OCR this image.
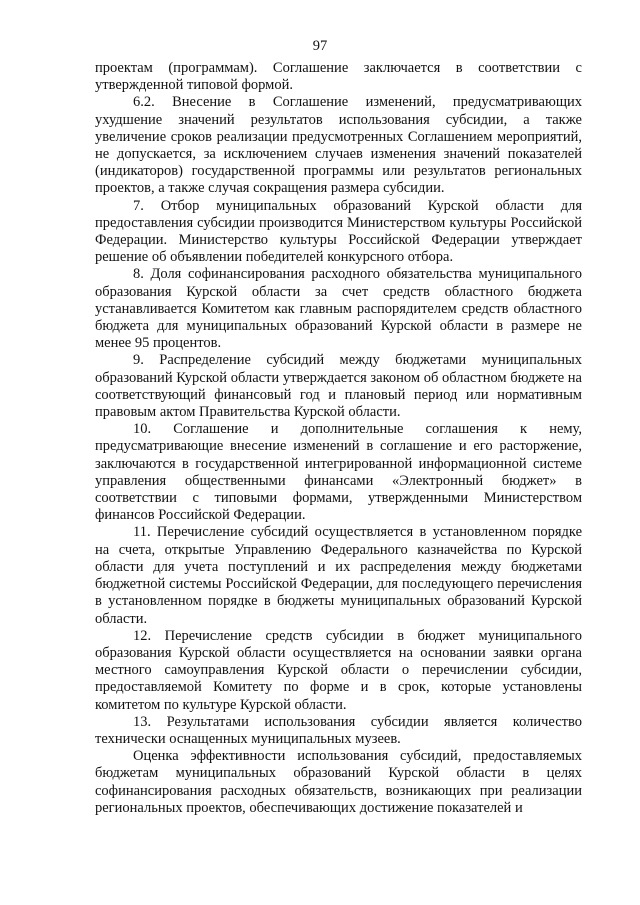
97

проектам (программам). Соглашение заключается в соответствии с утвержденной типовой формой.

6.2. Внесение в Соглашение изменений, предусматривающих ухудшение значений результатов использования субсидии, а также увеличение сроков реализации предусмотренных Соглашением мероприятий, не допускается, за исключением случаев изменения значений показателей (индикаторов) государственной программы или результатов региональных проектов, а также случая сокращения размера субсидии.

7. Отбор муниципальных образований Курской области для предоставления субсидии производится Министерством культуры Российской Федерации. Министерство культуры Российской Федерации утверждает решение об объявлении победителей конкурсного отбора.

8. Доля софинансирования расходного обязательства муниципального образования Курской области за счет средств областного бюджета устанавливается Комитетом как главным распорядителем средств областного бюджета для муниципальных образований Курской области в размере не менее 95 процентов.

9. Распределение субсидий между бюджетами муниципальных образований Курской области утверждается законом об областном бюджете на соответствующий финансовый год и плановый период или нормативным правовым актом Правительства Курской области.

10. Соглашение и дополнительные соглашения к нему, предусматривающие внесение изменений в соглашение и его расторжение, заключаются в государственной интегрированной информационной системе управления общественными финансами «Электронный бюджет» в соответствии с типовыми формами, утвержденными Министерством финансов Российской Федерации.

11. Перечисление субсидий осуществляется в установленном порядке на счета, открытые Управлению Федерального казначейства по Курской области для учета поступлений и их распределения между бюджетами бюджетной системы Российской Федерации, для последующего перечисления в установленном порядке в бюджеты муниципальных образований Курской области.

12. Перечисление средств субсидии в бюджет муниципального образования Курской области осуществляется на основании заявки органа местного самоуправления Курской области о перечислении субсидии, предоставляемой Комитету по форме и в срок, которые установлены комитетом по культуре Курской области.

13. Результатами использования субсидии является количество технически оснащенных муниципальных музеев.

Оценка эффективности использования субсидий, предоставляемых бюджетам муниципальных образований Курской области в целях софинансирования расходных обязательств, возникающих при реализации региональных проектов, обеспечивающих достижение показателей и
